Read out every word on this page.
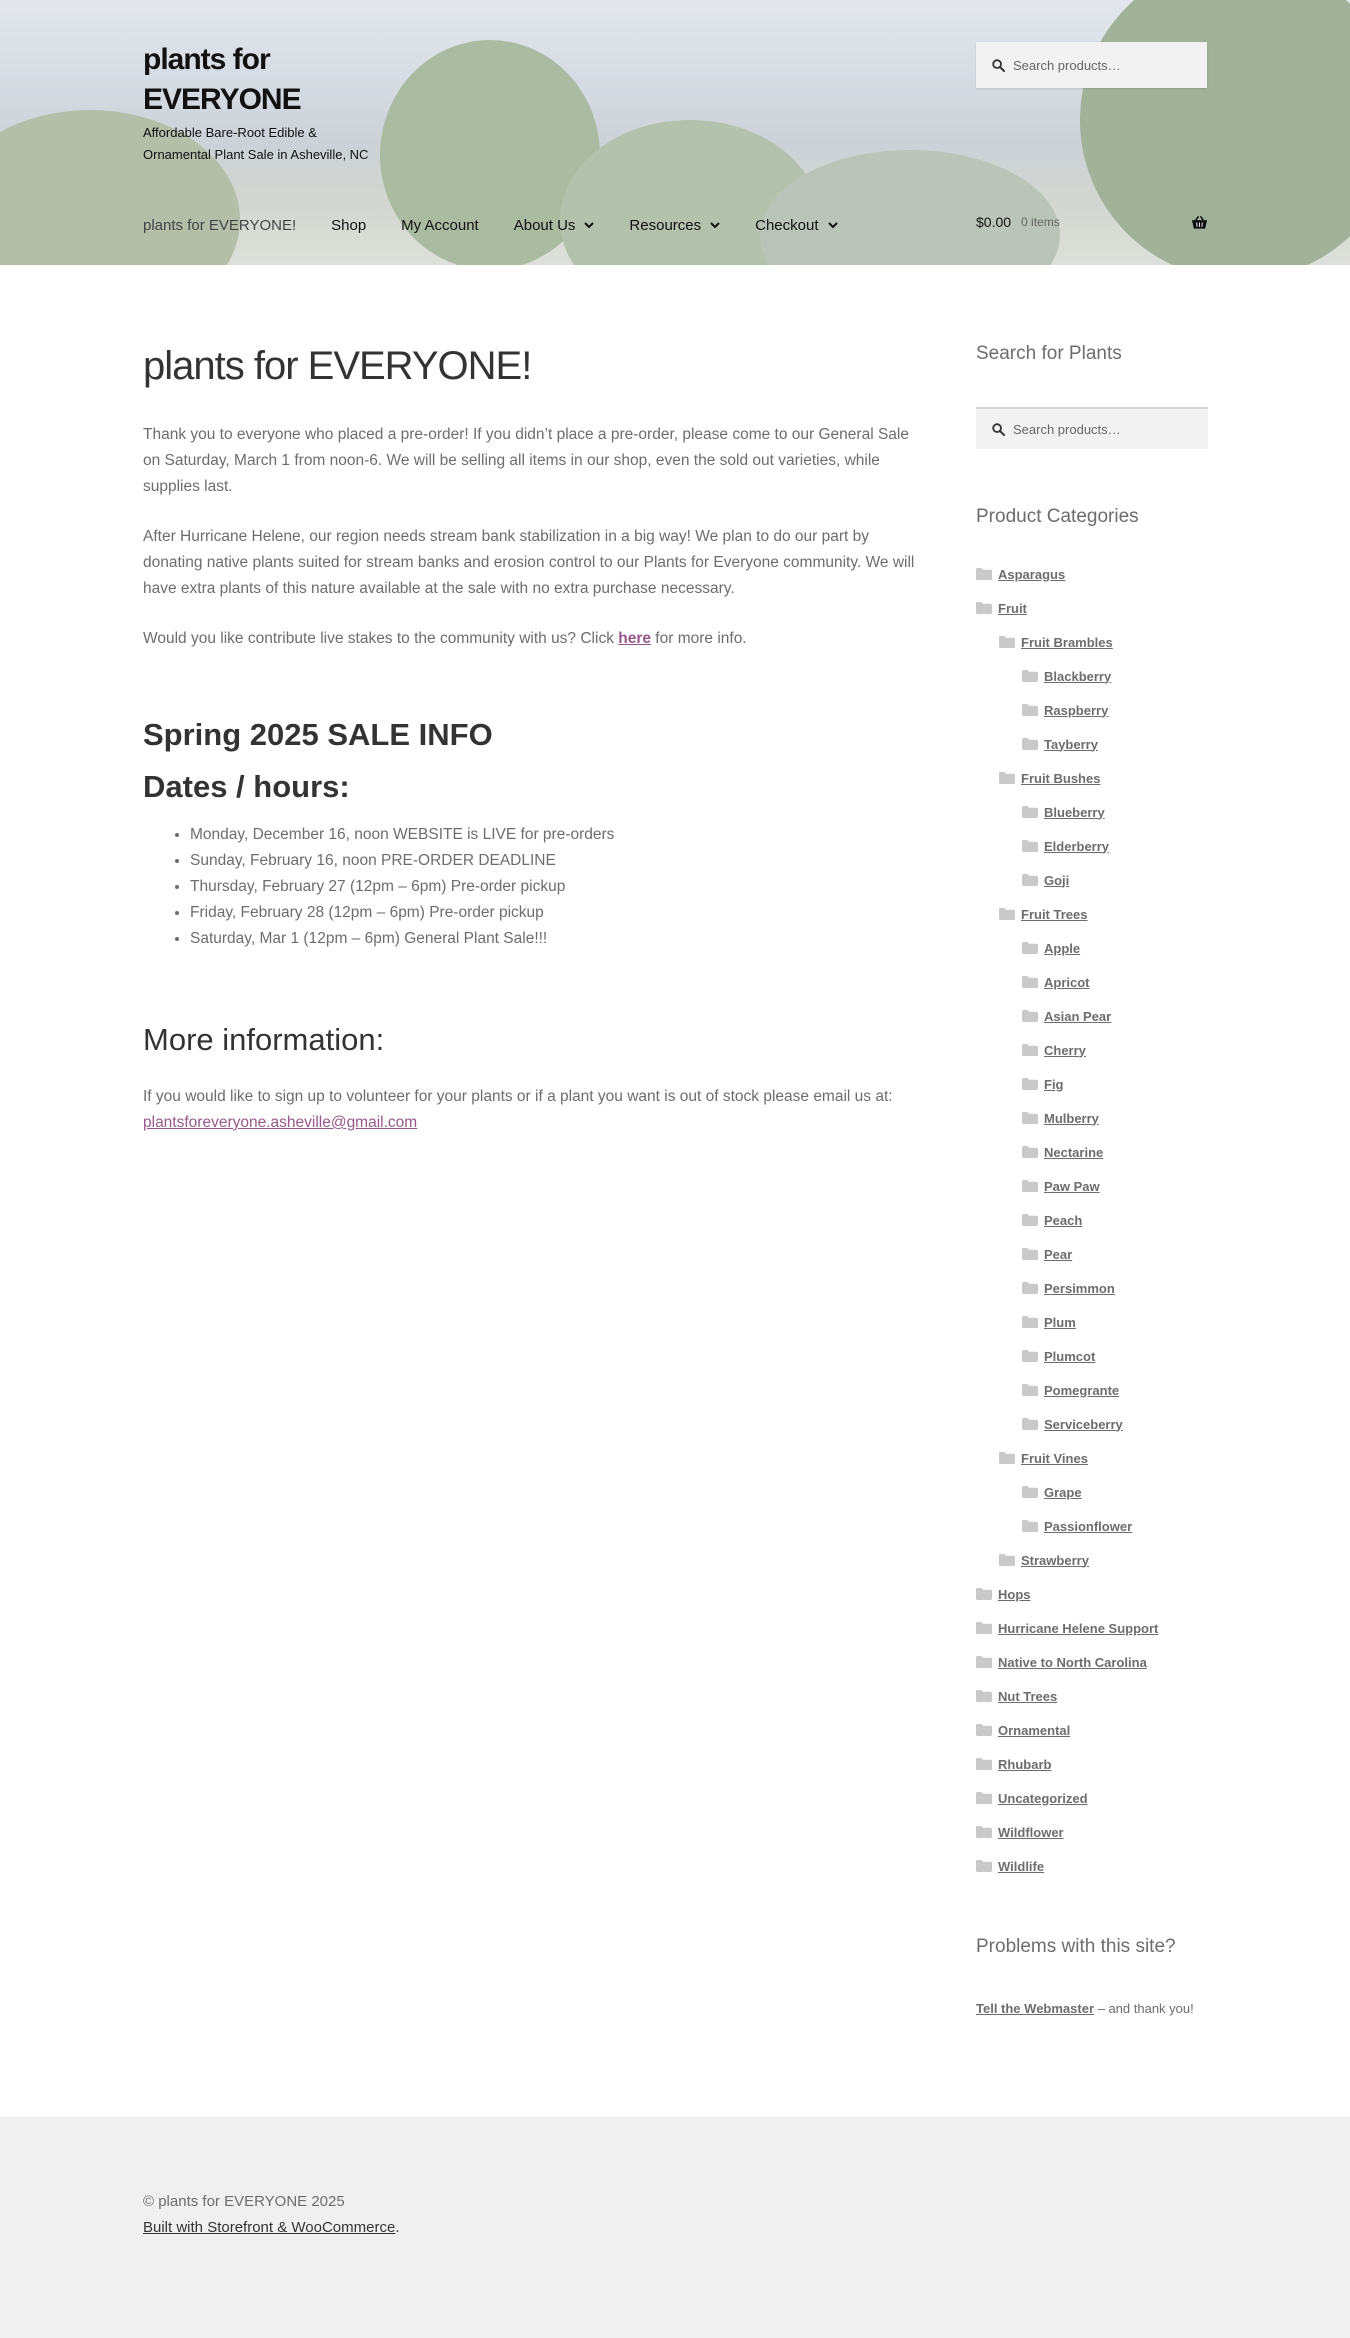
plants for EVERYONE
Affordable Bare-Root Edible & Ornamental Plant Sale in Asheville, NC
Search products…
plants for EVERYONE! Shop My Account About Us	Resources	Checkout	$0.00 0 items
plants for EVERYONE!

Thank you to everyone who placed a pre-order! If you didn’t place a pre-order, please come to our General Sale on Saturday, March 1 from noon-6. We will be selling all items in our shop, even the sold out varieties, while supplies last.

After Hurricane Helene, our region needs stream bank stabilization in a big way! We plan to do our part by donating native plants suited for stream banks and erosion control to our Plants for Everyone community. We will have extra plants of this nature available at the sale with no extra purchase necessary.

Would you like contribute live stakes to the community with us? Click here for more info.

Spring 2025 SALE INFO
Dates / hours:
• Monday, December 16, noon WEBSITE is LIVE for pre-orders
• Sunday, February 16, noon PRE-ORDER DEADLINE
• Thursday, February 27 (12pm – 6pm) Pre-order pickup
• Friday, February 28 (12pm – 6pm) Pre-order pickup
• Saturday, Mar 1 (12pm – 6pm) General Plant Sale!!!
More information:

If you would like to sign up to volunteer for your plants or if a plant you want is out of stock please email us at:
plantsforeveryone.asheville@gmail.com

Search for Plants
Search products…
Product Categories
Asparagus
Fruit
Fruit Brambles
Blackberry
Raspberry
Tayberry
Fruit Bushes
Blueberry
Elderberry
Goji
Fruit Trees
Apple
Apricot
Asian Pear
Cherry
Fig
Mulberry
Nectarine
Paw Paw
Peach
Pear
Persimmon
Plum
Plumcot
Pomegrante
Serviceberry
Fruit Vines
Grape
Passionflower
Strawberry
Hops
Hurricane Helene Support
Native to North Carolina
Nut Trees
Ornamental
Rhubarb
Uncategorized
Wildflower
Wildlife
Problems with this site?
Tell the Webmaster – and thank you!
© plants for EVERYONE 2025
Built with Storefront & WooCommerce.
